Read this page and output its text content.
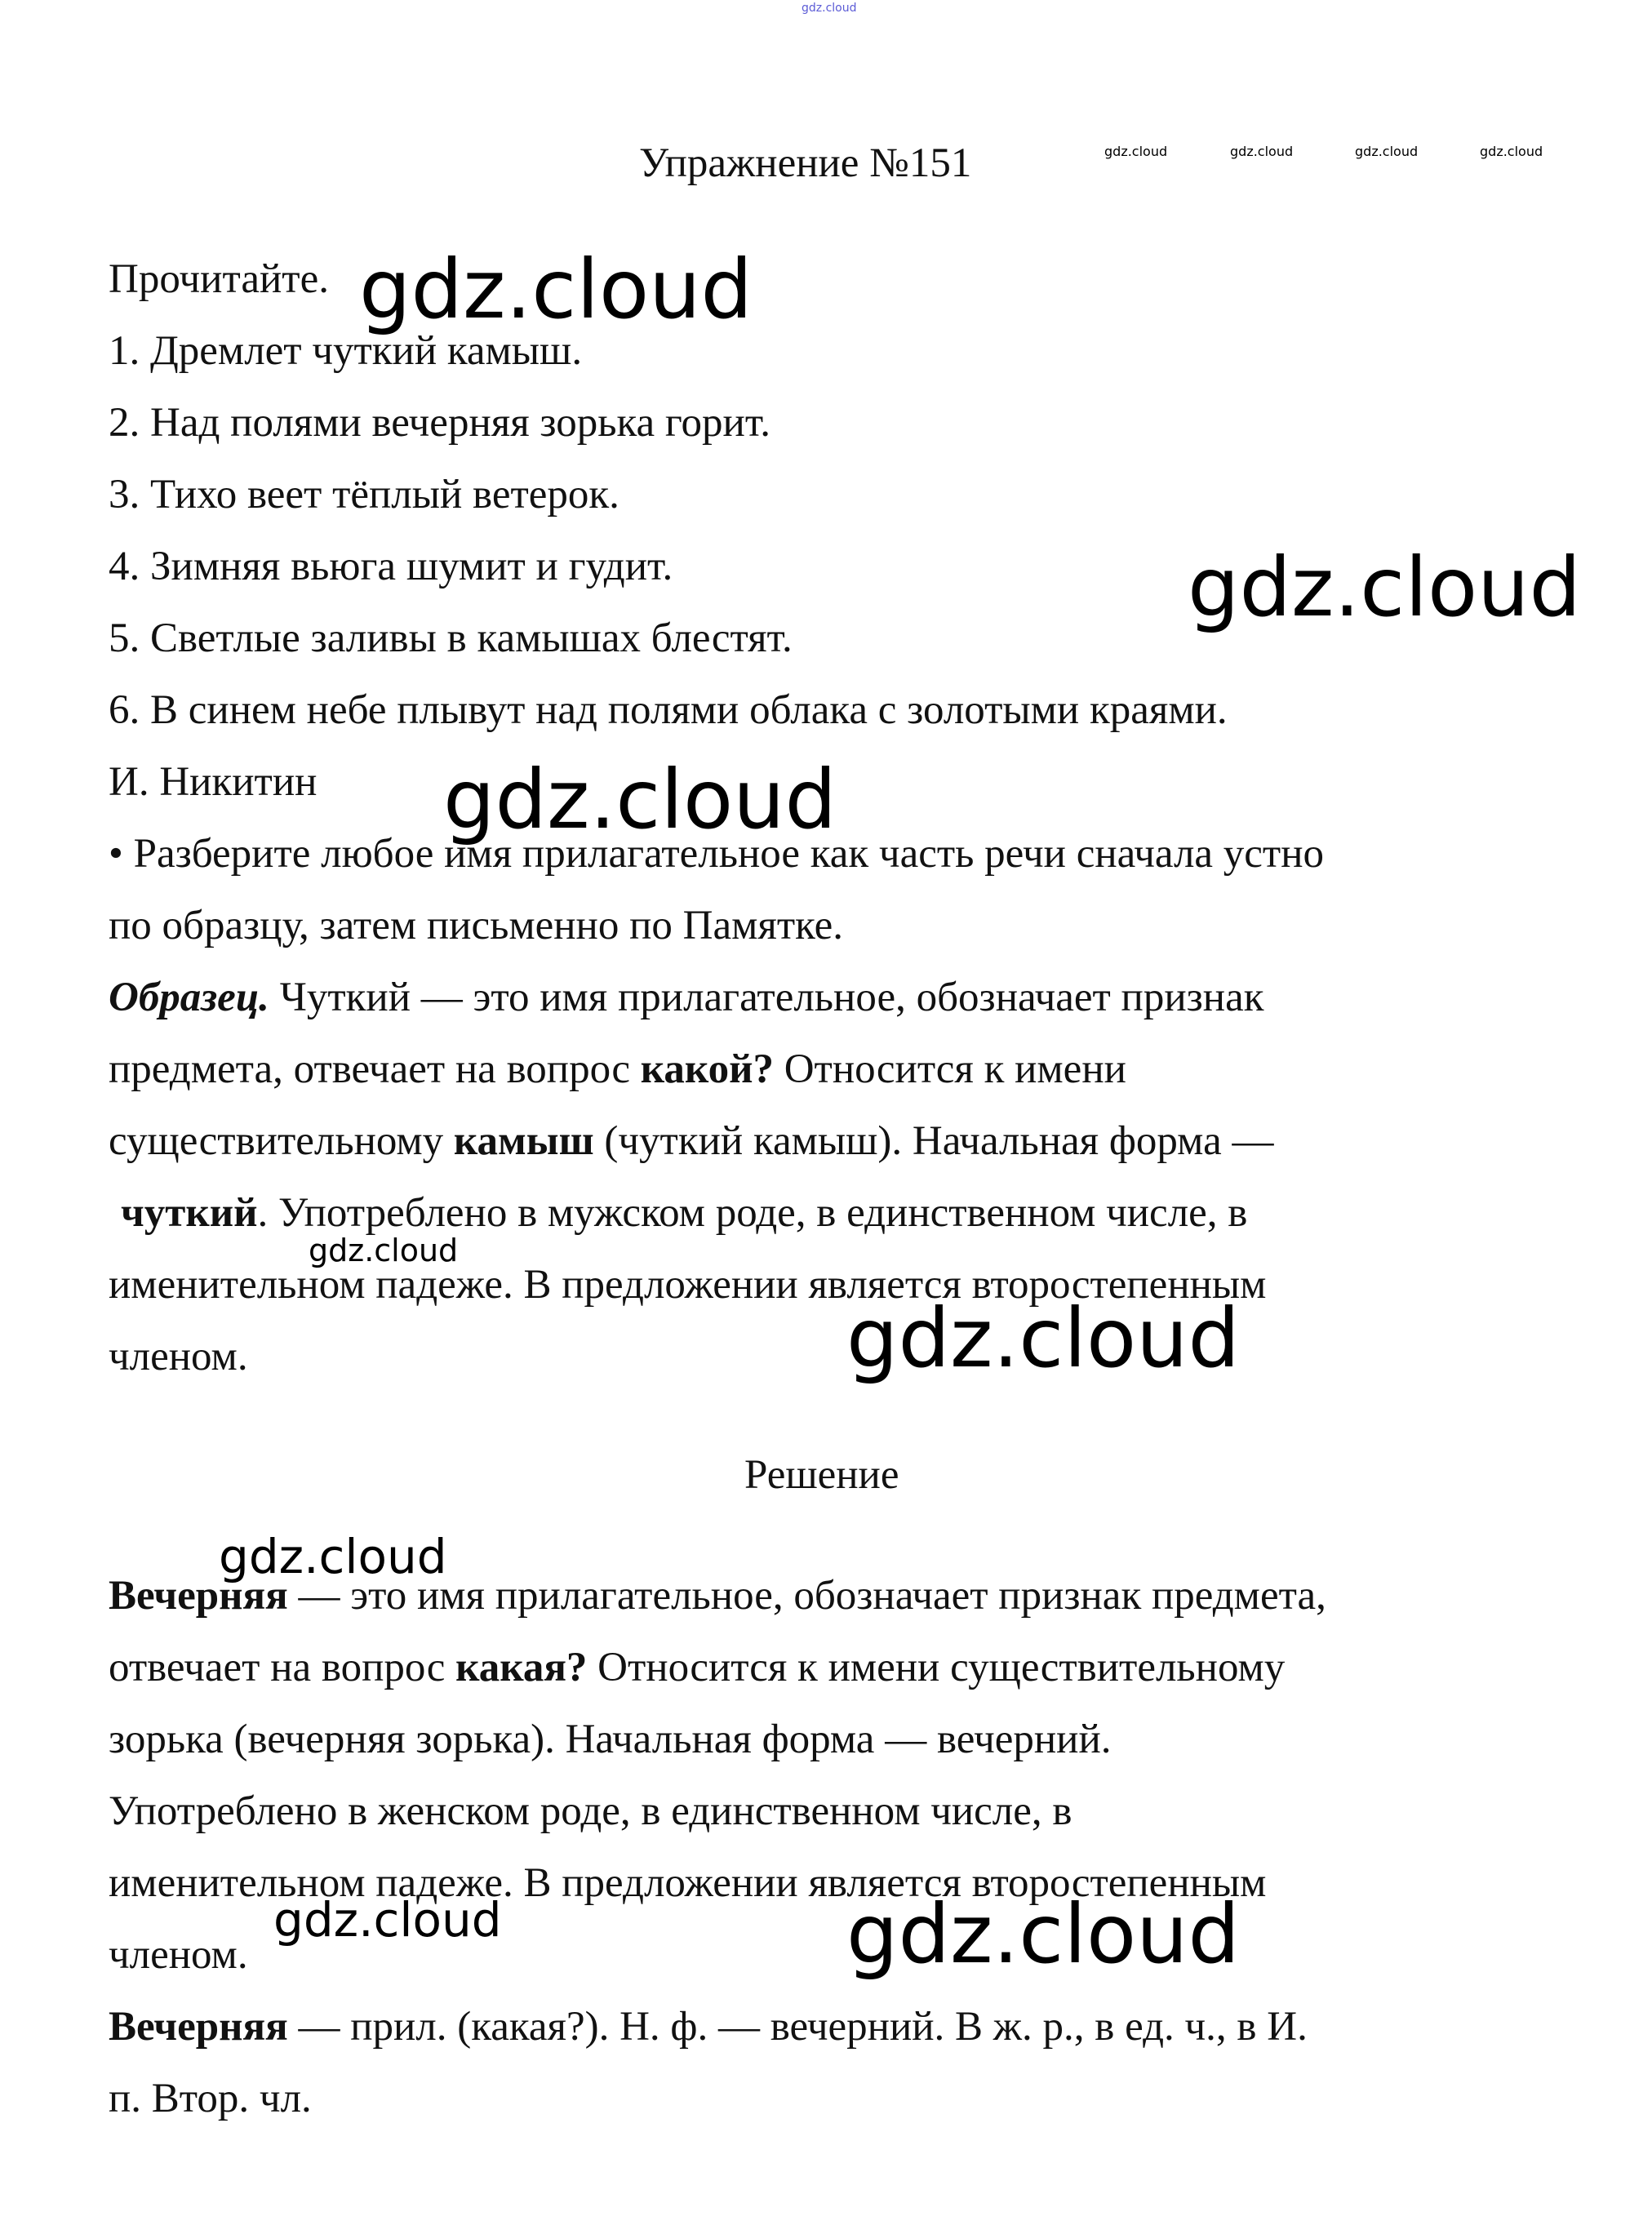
gdz.cloud
Упражнение №151	gdz.cloud	gdz.cloud	gdz.cloud	gdz.cloud
Прочитайте.
1. Дремлет чуткий камыш.
2. Над полями вечерняя зорька горит.
3. Тихо веет тёплый ветерок.
4. Зимняя вьюга шумит и гудит.
5. Светлые заливы в камышах блестят.
6. В синем небе плывут над полями облака с золотыми краями.
И. Никитин
• Разберите любое имя прилагательное как часть речи сначала устно
по образцу, затем письменно по Памятке.
Образец. Чуткий — это имя прилагательное, обозначает признак
предмета, отвечает на вопрос какой? Относится к имени
существительному камыш (чуткий камыш). Начальная форма —
чуткий. Употреблено в мужском роде, в единственном числе, в
именительном падеже. В предложении является второстепенным
членом.
Решение
Вечерняя — это имя прилагательное, обозначает признак предмета,
отвечает на вопрос какая? Относится к имени существительному
зорька (вечерняя зорька). Начальная форма — вечерний.
Употреблено в женском роде, в единственном числе, в
именительном падеже. В предложении является второстепенным
членом.
Вечерняя — прил. (какая?). Н. ф. — вечерний. В ж. р., в ед. ч., в И.
п. Втор. чл.
gdz.cloud
gdz.cloud
gdz.cloud
gdz.cloud
gdz.cloud
gdz.cloud
gdz.cloud	gdz.cloud
